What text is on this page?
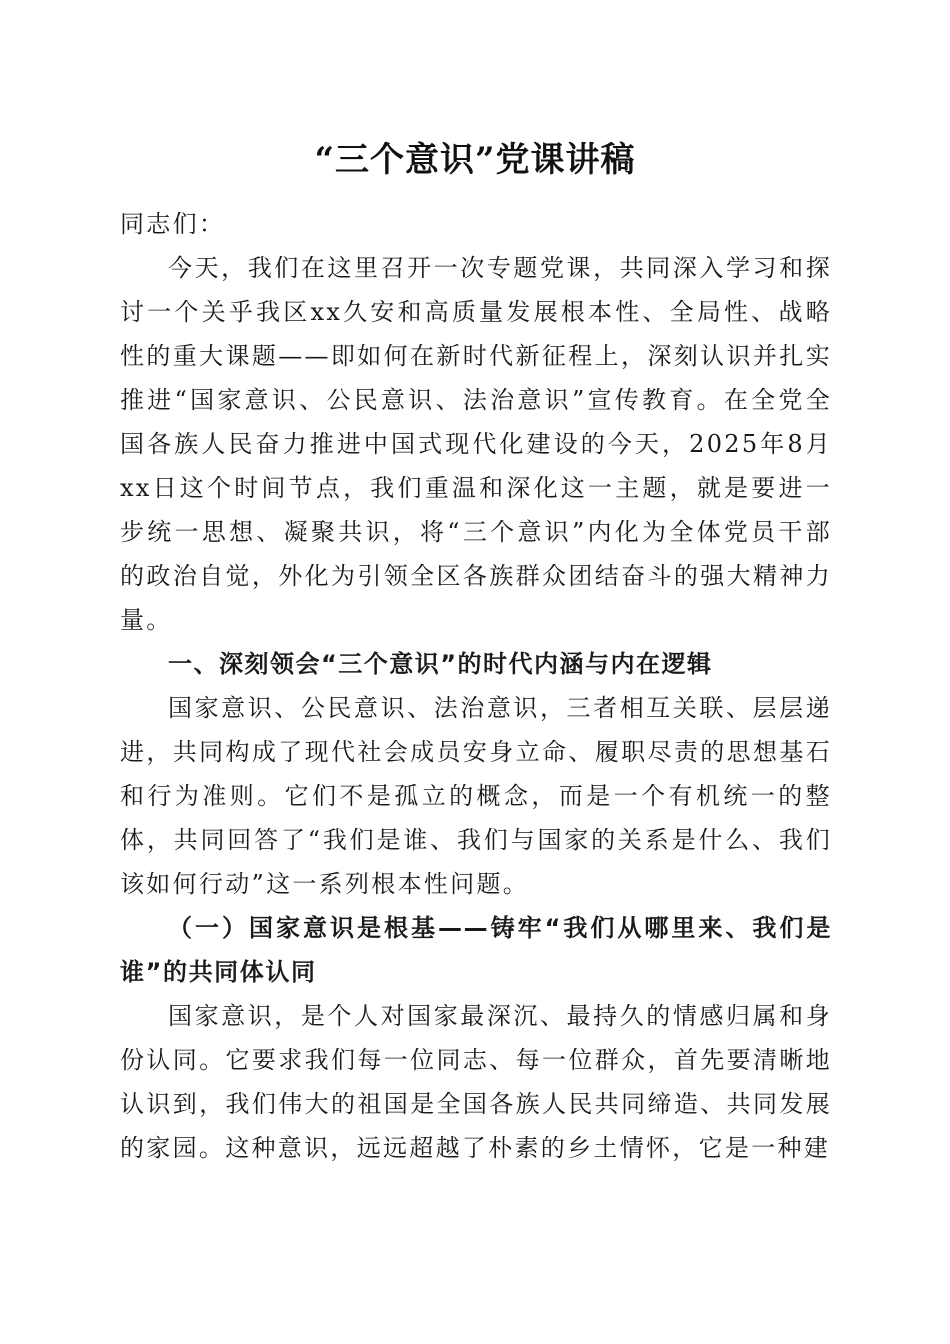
“三个意识”党课讲稿

同志们：

今天，我们在这里召开一次专题党课，共同深入学习和探讨一个关乎我区xx久安和高质量发展根本性、全局性、战略性的重大课题——即如何在新时代新征程上，深刻认识并扎实推进“国家意识、公民意识、法治意识”宣传教育。在全党全国各族人民奋力推进中国式现代化建设的今天，2025年8月xx日这个时间节点，我们重温和深化这一主题，就是要进一步统一思想、凝聚共识，将“三个意识”内化为全体党员干部的政治自觉，外化为引领全区各族群众团结奋斗的强大精神力量。

一、深刻领会“三个意识”的时代内涵与内在逻辑

国家意识、公民意识、法治意识，三者相互关联、层层递进，共同构成了现代社会成员安身立命、履职尽责的思想基石和行为准则。它们不是孤立的概念，而是一个有机统一的整体，共同回答了“我们是谁、我们与国家的关系是什么、我们该如何行动”这一系列根本性问题。

（一）国家意识是根基——铸牢“我们从哪里来、我们是谁”的共同体认同

国家意识，是个人对国家最深沉、最持久的情感归属和身份认同。它要求我们每一位同志、每一位群众，首先要清晰地认识到，我们伟大的祖国是全国各族人民共同缔造、共同发展的家园。这种意识，远远超越了朴素的乡土情怀，它是一种建
